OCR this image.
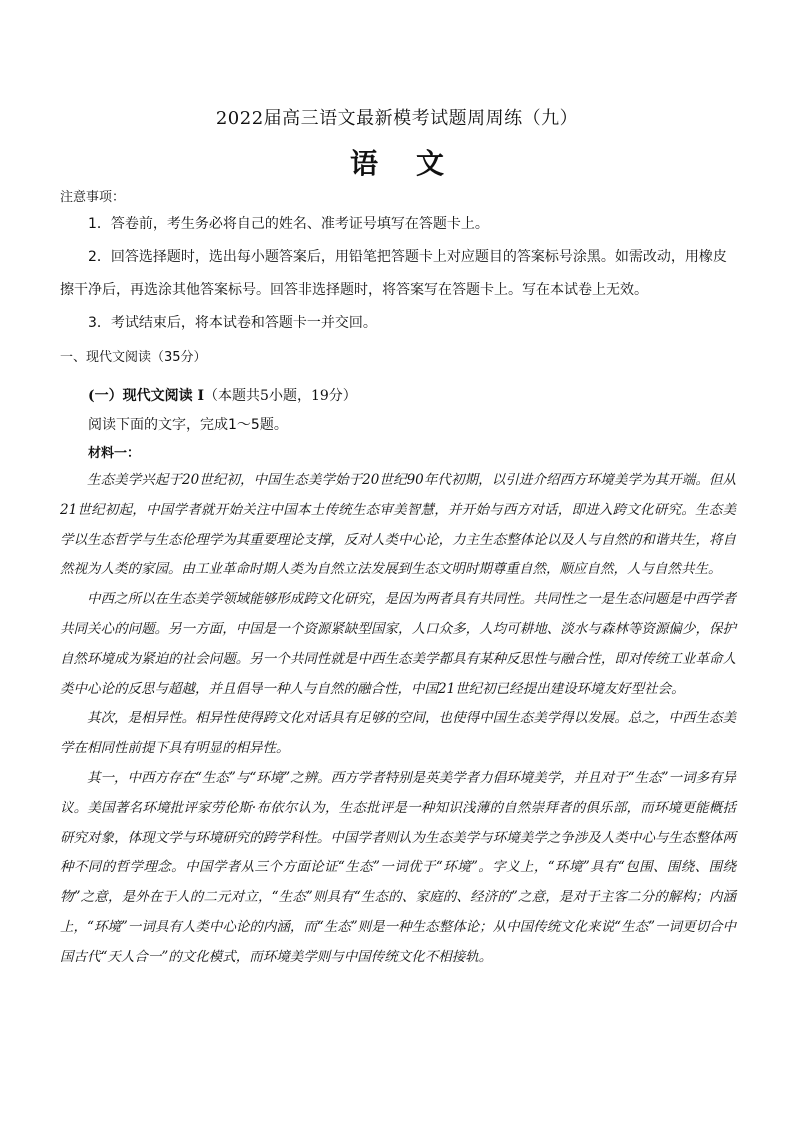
2022届高三语文最新模考试题周周练（九）
语文

注意事项：

1．答卷前，考生务必将自己的姓名、准考证号填写在答题卡上。

2．回答选择题时，选出每小题答案后，用铅笔把答题卡上对应题目的答案标号涂黑。如需改动，用橡皮擦干净后，再选涂其他答案标号。回答非选择题时，将答案写在答题卡上。写在本试卷上无效。

3．考试结束后，将本试卷和答题卡一并交回。

一、现代文阅读（35分）

(一）现代文阅读 I（本题共5小题，19分）

阅读下面的文字，完成1～5题。

材料一：

生态美学兴起于20世纪初，中国生态美学始于20世纪90年代初期，以引进介绍西方环境美学为其开端。但从21世纪初起，中国学者就开始关注中国本土传统生态审美智慧，并开始与西方对话，即进入跨文化研究。生态美学以生态哲学与生态伦理学为其重要理论支撑，反对人类中心论，力主生态整体论以及人与自然的和谐共生，将自然视为人类的家园。由工业革命时期人类为自然立法发展到生态文明时期尊重自然，顺应自然，人与自然共生。

中西之所以在生态美学领域能够形成跨文化研究，是因为两者具有共同性。共同性之一是生态问题是中西学者共同关心的问题。另一方面，中国是一个资源紧缺型国家，人口众多，人均可耕地、淡水与森林等资源偏少，保护自然环境成为紧迫的社会问题。另一个共同性就是中西生态美学都具有某种反思性与融合性，即对传统工业革命人类中心论的反思与超越，并且倡导一种人与自然的融合性，中国21世纪初已经提出建设环境友好型社会。

其次，是相异性。相异性使得跨文化对话具有足够的空间，也使得中国生态美学得以发展。总之，中西生态美学在相同性前提下具有明显的相异性。

其一，中西方存在“生态”与“环境”之辨。西方学者特别是英美学者力倡环境美学，并且对于“生态”一词多有异议。美国著名环境批评家劳伦斯·布依尔认为，生态批评是一种知识浅薄的自然崇拜者的俱乐部，而环境更能概括研究对象，体现文学与环境研究的跨学科性。中国学者则认为生态美学与环境美学之争涉及人类中心与生态整体两种不同的哲学理念。中国学者从三个方面论证“生态”一词优于“环境”。字义上，“环境”具有“包围、围绕、围绕物”之意，是外在于人的二元对立，“生态”则具有“生态的、家庭的、经济的”之意，是对于主客二分的解构；内涵上，“环境”一词具有人类中心论的内涵，而“生态”则是一种生态整体论；从中国传统文化来说“生态”一词更切合中国古代“天人合一”的文化模式，而环境美学则与中国传统文化不相接轨。
